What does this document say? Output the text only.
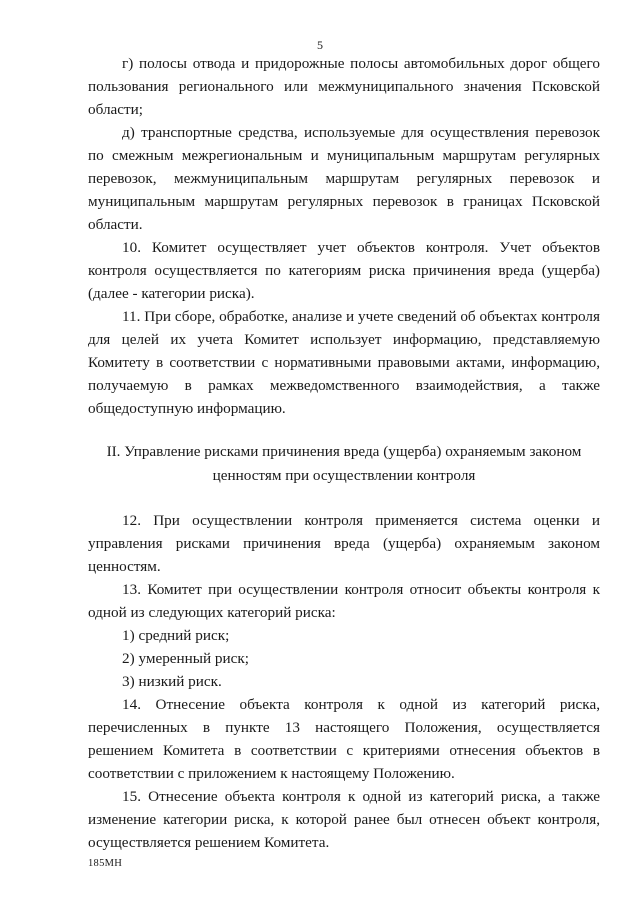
5

г) полосы отвода и придорожные полосы автомобильных дорог общего пользования регионального или межмуниципального значения Псковской области;

д) транспортные средства, используемые для осуществления перевозок по смежным межрегиональным и муниципальным маршрутам регулярных перевозок, межмуниципальным маршрутам регулярных перевозок и муниципальным маршрутам регулярных перевозок в границах Псковской области.

10. Комитет осуществляет учет объектов контроля. Учет объектов контроля осуществляется по категориям риска причинения вреда (ущерба) (далее - категории риска).

11. При сборе, обработке, анализе и учете сведений об объектах контроля для целей их учета Комитет использует информацию, представляемую Комитету в соответствии с нормативными правовыми актами, информацию, получаемую в рамках межведомственного взаимодействия, а также общедоступную информацию.

II. Управление рисками причинения вреда (ущерба) охраняемым законом
ценностям при осуществлении контроля

12. При осуществлении контроля применяется система оценки и управления рисками причинения вреда (ущерба) охраняемым законом ценностям.

13. Комитет при осуществлении контроля относит объекты контроля к одной из следующих категорий риска:

1) средний риск;

2) умеренный риск;

3) низкий риск.

14. Отнесение объекта контроля к одной из категорий риска, перечисленных в пункте 13 настоящего Положения, осуществляется решением Комитета в соответствии с критериями отнесения объектов в соответствии с приложением к настоящему Положению.

15. Отнесение объекта контроля к одной из категорий риска, а также изменение категории риска, к которой ранее был отнесен объект контроля, осуществляется решением Комитета.

185МН
